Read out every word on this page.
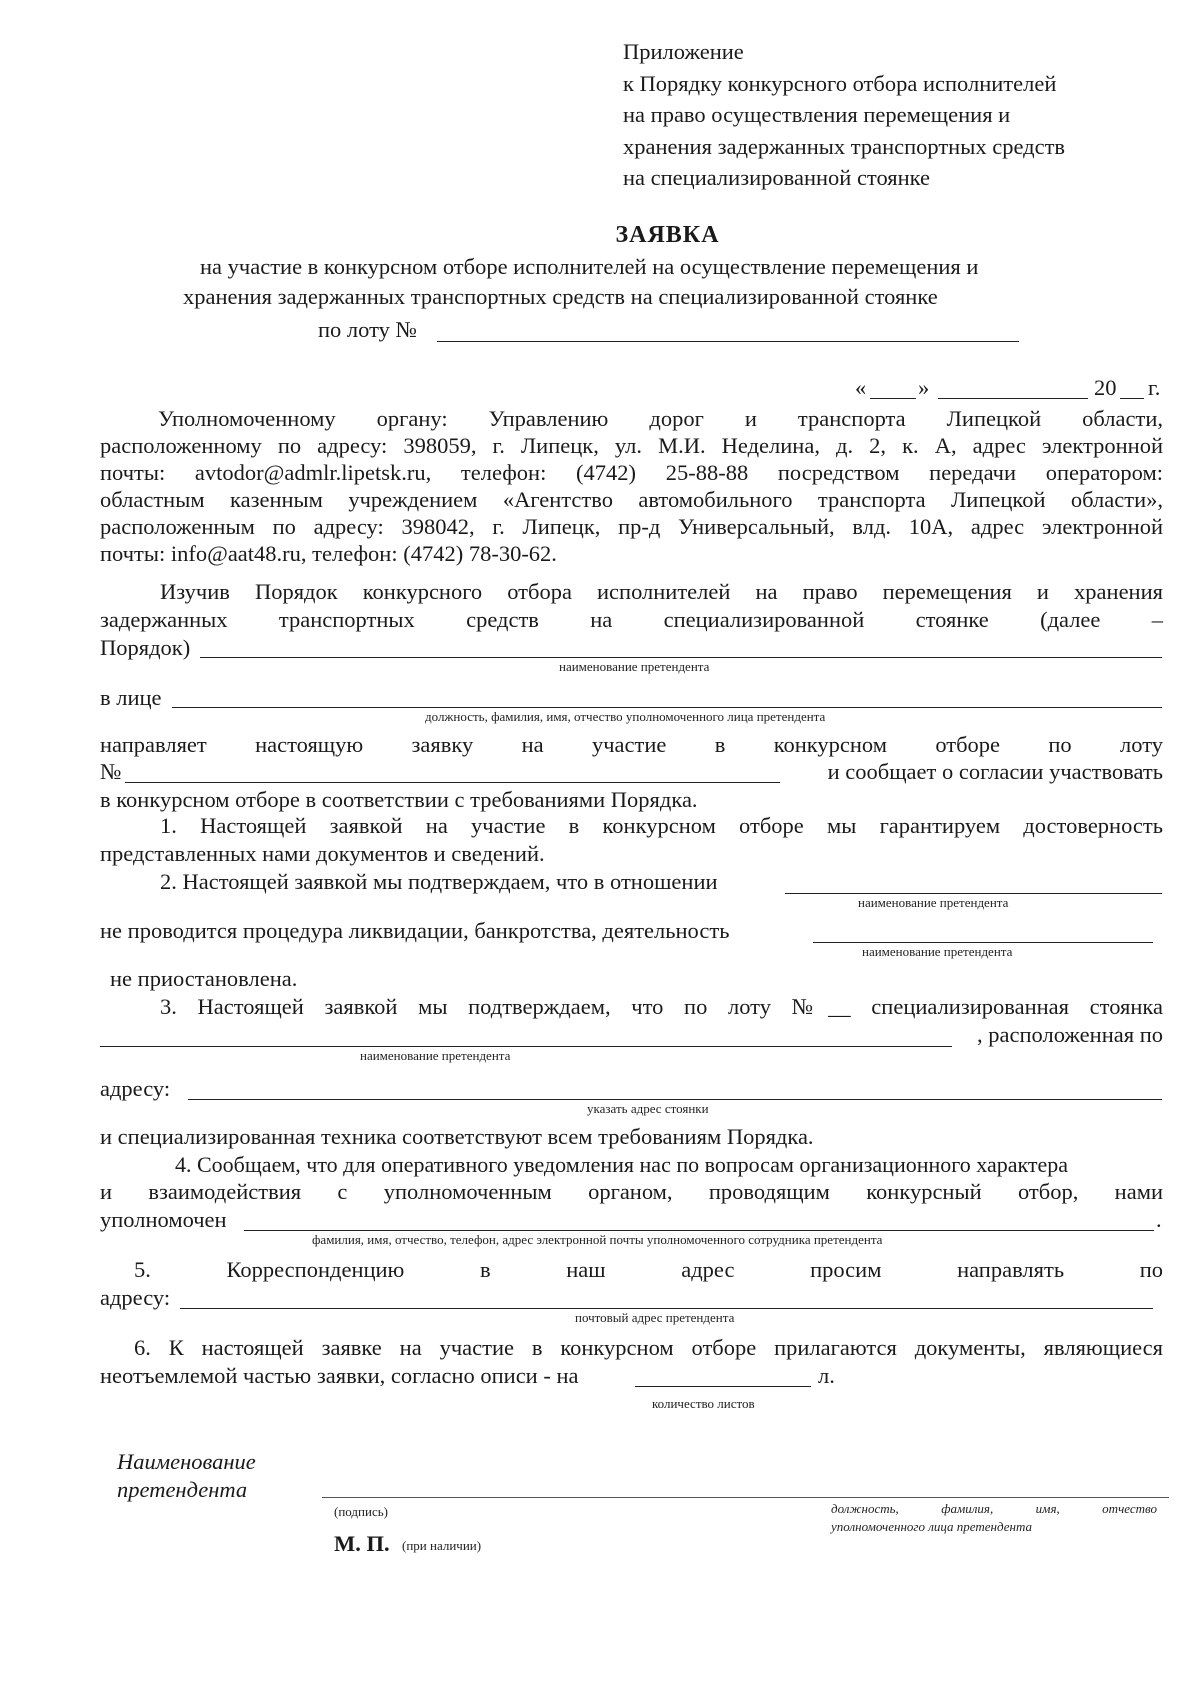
Приложение
к Порядку конкурсного отбора исполнителей
на право осуществления перемещения и
хранения задержанных транспортных средств
на специализированной стоянке
ЗАЯВКА
на участие в конкурсном отборе исполнителей на осуществление перемещения и
хранения задержанных транспортных средств на специализированной стоянке
по лоту №
« »	20 г.
Уполномоченному органу: Управлению дорог и транспорта Липецкой области,
расположенному по адресу: 398059, г. Липецк, ул. М.И. Неделина, д. 2, к. А, адрес электронной
почты: avtodor@admlr.lipetsk.ru, телефон: (4742) 25-88-88 посредством передачи оператором:
областным казенным учреждением «Агентство автомобильного транспорта Липецкой области»,
расположенным по адресу: 398042, г. Липецк, пр-д Универсальный, влд. 10А, адрес электронной
почты: info@aat48.ru, телефон: (4742) 78-30-62.
Изучив Порядок конкурсного отбора исполнителей на право перемещения и хранения
задержанных транспортных средств на специализированной стоянке (далее –
Порядок)
наименование претендента
в лице
должность, фамилия, имя, отчество уполномоченного лица претендента
направляет настоящую заявку на участие в конкурсном отборе по лоту
№	и сообщает о согласии участвовать
в конкурсном отборе в соответствии с требованиями Порядка.
1. Настоящей заявкой на участие в конкурсном отборе мы гарантируем достоверность
представленных нами документов и сведений.
2. Настоящей заявкой мы подтверждаем, что в отношении
наименование претендента
не проводится процедура ликвидации, банкротства, деятельность
наименование претендента
не приостановлена.
3. Настоящей заявкой мы подтверждаем, что по лоту №__ специализированная стоянка
, расположенная по
наименование претендента
адресу:
указать адрес стоянки
и специализированная техника соответствуют всем требованиям Порядка.
4. Сообщаем, что для оперативного уведомления нас по вопросам организационного характера
и взаимодействия с уполномоченным органом, проводящим конкурсный отбор, нами
уполномочен	.
фамилия, имя, отчество, телефон, адрес электронной почты уполномоченного сотрудника претендента
5. Корреспонденцию в наш адрес просим направлять по
адресу:
почтовый адрес претендента
6. К настоящей заявке на участие в конкурсном отборе прилагаются документы, являющиеся
неотъемлемой частью заявки, согласно описи - на	л.
количество листов
Наименование
претендента
(подпись)	должность, фамилия, имя, отчество
уполномоченного лица претендента
М. П. (при наличии)
